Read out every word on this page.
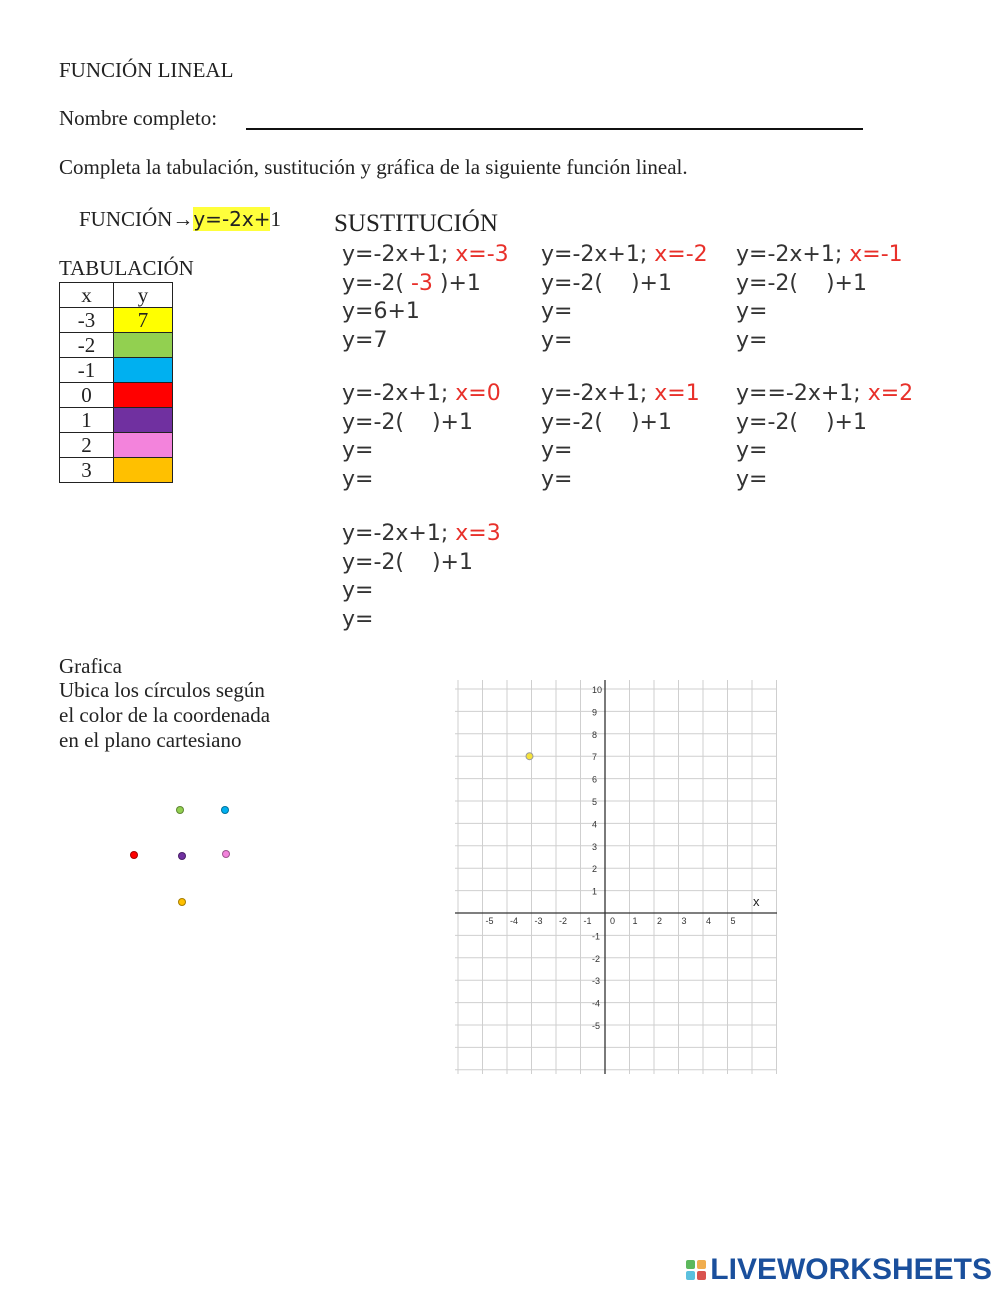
FUNCIÓN LINEAL
Nombre completo:
Completa la tabulación, sustitución y gráfica de la siguiente función lineal.
FUNCIÓN→y=-2x+1
TABULACIÓN
x	y
-3	7
-2	
-1	
0	
1	
2	
3	
SUSTITUCIÓN
y=-2x+1; x=-3
y=-2( -3 )+1
y=6+1
y=7
y=-2x+1; x=-2
y=-2(    )+1
y=
y=
y=-2x+1; x=-1
y=-2(    )+1
y=
y=
y=-2x+1; x=0
y=-2(    )+1
y=
y=
y=-2x+1; x=1
y=-2(    )+1
y=
y=
y==-2x+1; x=2
y=-2(    )+1
y=
y=
y=-2x+1; x=3
y=-2(    )+1
y=
y=
Grafica
Ubica los círculos según
el color de la coordenada
en el plano cartesiano
-5 -4 -3 -2 -1 0 1 2 3 4 5
10
9
8
7
6
5
4
3
2
1
-1
-2
-3
-4
-5
x
LIVEWORKSHEETS
